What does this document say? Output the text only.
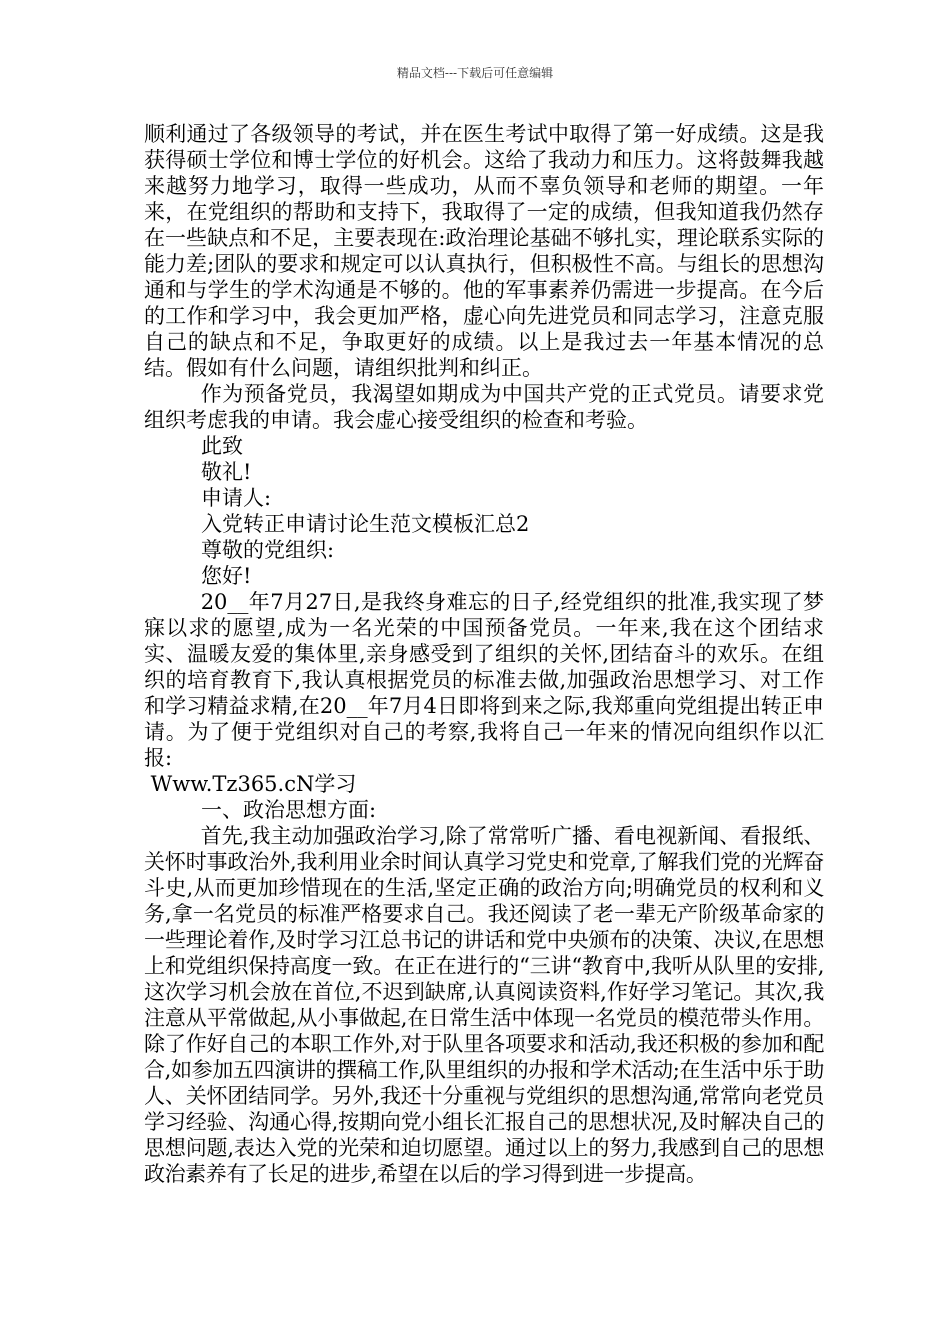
精品文档---下载后可任意编辑

顺利通过了各级领导的考试，并在医生考试中取得了第一好成绩。这是我获得硕士学位和博士学位的好机会。这给了我动力和压力。这将鼓舞我越来越努力地学习，取得一些成功，从而不辜负领导和老师的期望。一年来，在党组织的帮助和支持下，我取得了一定的成绩，但我知道我仍然存在一些缺点和不足，主要表现在:政治理论基础不够扎实，理论联系实际的能力差;团队的要求和规定可以认真执行，但积极性不高。与组长的思想沟通和与学生的学术沟通是不够的。他的军事素养仍需进一步提高。在今后的工作和学习中，我会更加严格，虚心向先进党员和同志学习，注意克服自己的缺点和不足，争取更好的成绩。以上是我过去一年基本情况的总结。假如有什么问题，请组织批判和纠正。

作为预备党员，我渴望如期成为中国共产党的正式党员。请要求党组织考虑我的申请。我会虚心接受组织的检查和考验。

此致

敬礼!

申请人:

入党转正申请讨论生范文模板汇总2

尊敬的党组织:

您好!

20__年7月27日,是我终身难忘的日子,经党组织的批准,我实现了梦寐以求的愿望,成为一名光荣的中国预备党员。一年来,我在这个团结求实、温暖友爱的集体里,亲身感受到了组织的关怀,团结奋斗的欢乐。在组织的培育教育下,我认真根据党员的标准去做,加强政治思想学习、对工作和学习精益求精,在20__年7月4日即将到来之际,我郑重向党组提出转正申请。为了便于党组织对自己的考察,我将自己一年来的情况向组织作以汇报:

Www.Tz365.cN学习

一、政治思想方面:

首先,我主动加强政治学习,除了常常听广播、看电视新闻、看报纸、关怀时事政治外,我利用业余时间认真学习党史和党章,了解我们党的光辉奋斗史,从而更加珍惜现在的生活,坚定正确的政治方向;明确党员的权利和义务,拿一名党员的标准严格要求自己。我还阅读了老一辈无产阶级革命家的一些理论着作,及时学习江总书记的讲话和党中央颁布的决策、决议,在思想上和党组织保持高度一致。在正在进行的“三讲“教育中,我听从队里的安排,这次学习机会放在首位,不迟到缺席,认真阅读资料,作好学习笔记。其次,我注意从平常做起,从小事做起,在日常生活中体现一名党员的模范带头作用。除了作好自己的本职工作外,对于队里各项要求和活动,我还积极的参加和配合,如参加五四演讲的撰稿工作,队里组织的办报和学术活动;在生活中乐于助人、关怀团结同学。另外,我还十分重视与党组织的思想沟通,常常向老党员学习经验、沟通心得,按期向党小组长汇报自己的思想状况,及时解决自己的思想问题,表达入党的光荣和迫切愿望。通过以上的努力,我感到自己的思想政治素养有了长足的进步,希望在以后的学习得到进一步提高。
